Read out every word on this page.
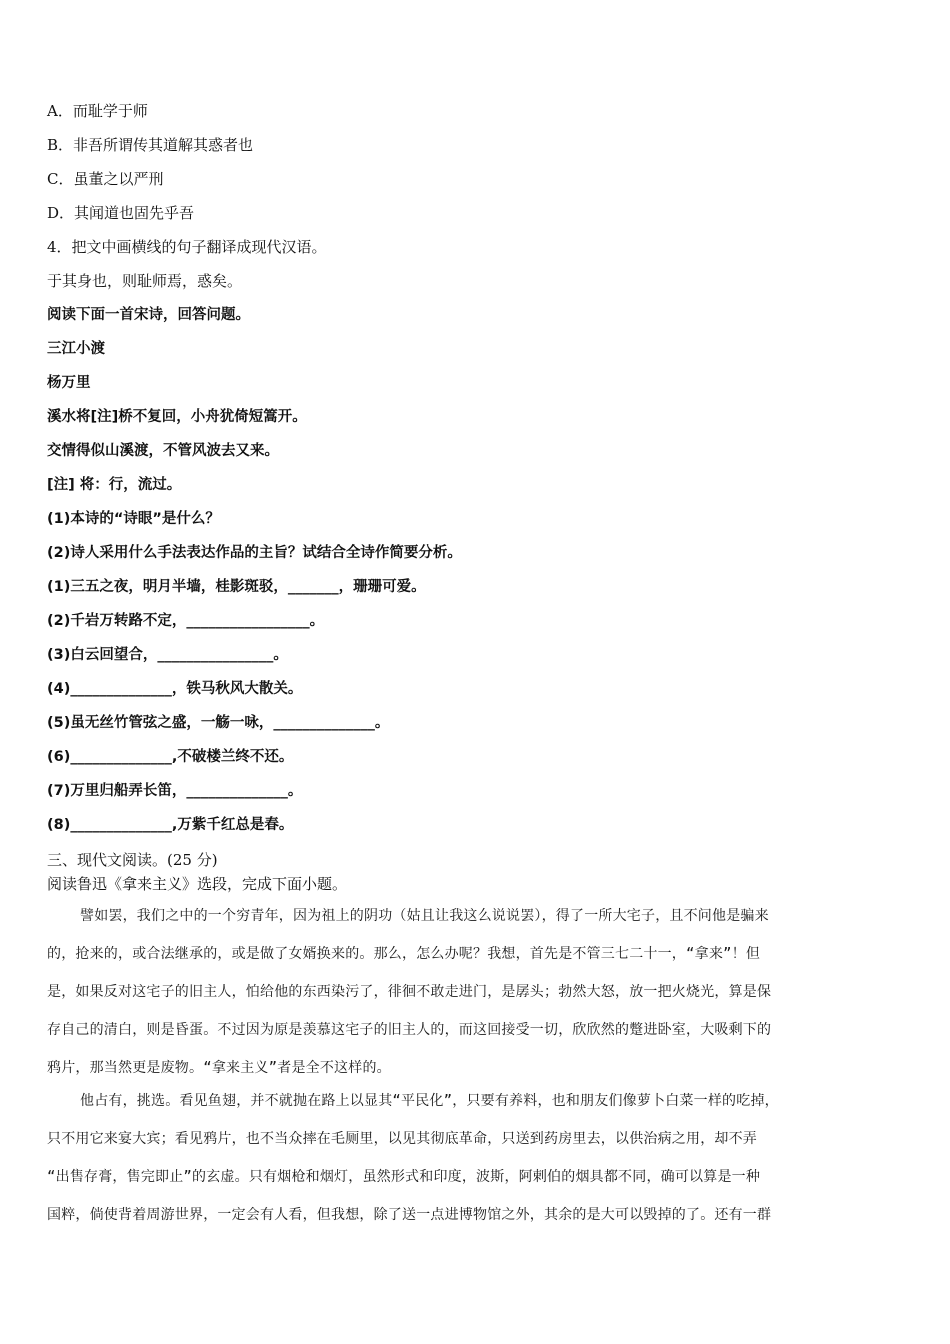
A．而耻学于师
B．非吾所谓传其道解其惑者也
C．虽董之以严刑
D．其闻道也固先乎吾
4．把文中画横线的句子翻译成现代汉语。
于其身也，则耻师焉，惑矣。
阅读下面一首宋诗，回答问题。
三江小渡
杨万里
溪水将[注]桥不复回，小舟犹倚短篙开。
交情得似山溪渡，不管风波去又来。
[注] 将：行，流过。
(1)本诗的“诗眼”是什么？
(2)诗人采用什么手法表达作品的主旨？试结合全诗作简要分析。
(1)三五之夜，明月半墙，桂影斑驳，_______，珊珊可爱。
(2)千岩万转路不定，_________________。
(3)白云回望合，________________。
(4)______________，铁马秋风大散关。
(5)虽无丝竹管弦之盛，一觞一咏，______________。
(6)______________,不破楼兰终不还。
(7)万里归船弄长笛，______________。
(8)______________,万紫千红总是春。
三、现代文阅读。(25 分)
阅读鲁迅《拿来主义》选段，完成下面小题。
譬如罢，我们之中的一个穷青年，因为祖上的阴功（姑且让我这么说说罢），得了一所大宅子，且不问他是骗来
的，抢来的，或合法继承的，或是做了女婿换来的。那么，怎么办呢？我想，首先是不管三七二十一，“拿来”！但
是，如果反对这宅子的旧主人，怕给他的东西染污了，徘徊不敢走进门，是孱头；勃然大怒，放一把火烧光，算是保
存自己的清白，则是昏蛋。不过因为原是羡慕这宅子的旧主人的，而这回接受一切，欣欣然的蹩进卧室，大吸剩下的
鸦片，那当然更是废物。“拿来主义”者是全不这样的。
他占有，挑选。看见鱼翅，并不就抛在路上以显其“平民化”，只要有养料，也和朋友们像萝卜白菜一样的吃掉，
只不用它来宴大宾；看见鸦片，也不当众摔在毛厕里，以见其彻底革命，只送到药房里去，以供治病之用，却不弄
“出售存膏，售完即止”的玄虚。只有烟枪和烟灯，虽然形式和印度，波斯，阿剌伯的烟具都不同，确可以算是一种
国粹，倘使背着周游世界，一定会有人看，但我想，除了送一点进博物馆之外，其余的是大可以毁掉的了。还有一群
